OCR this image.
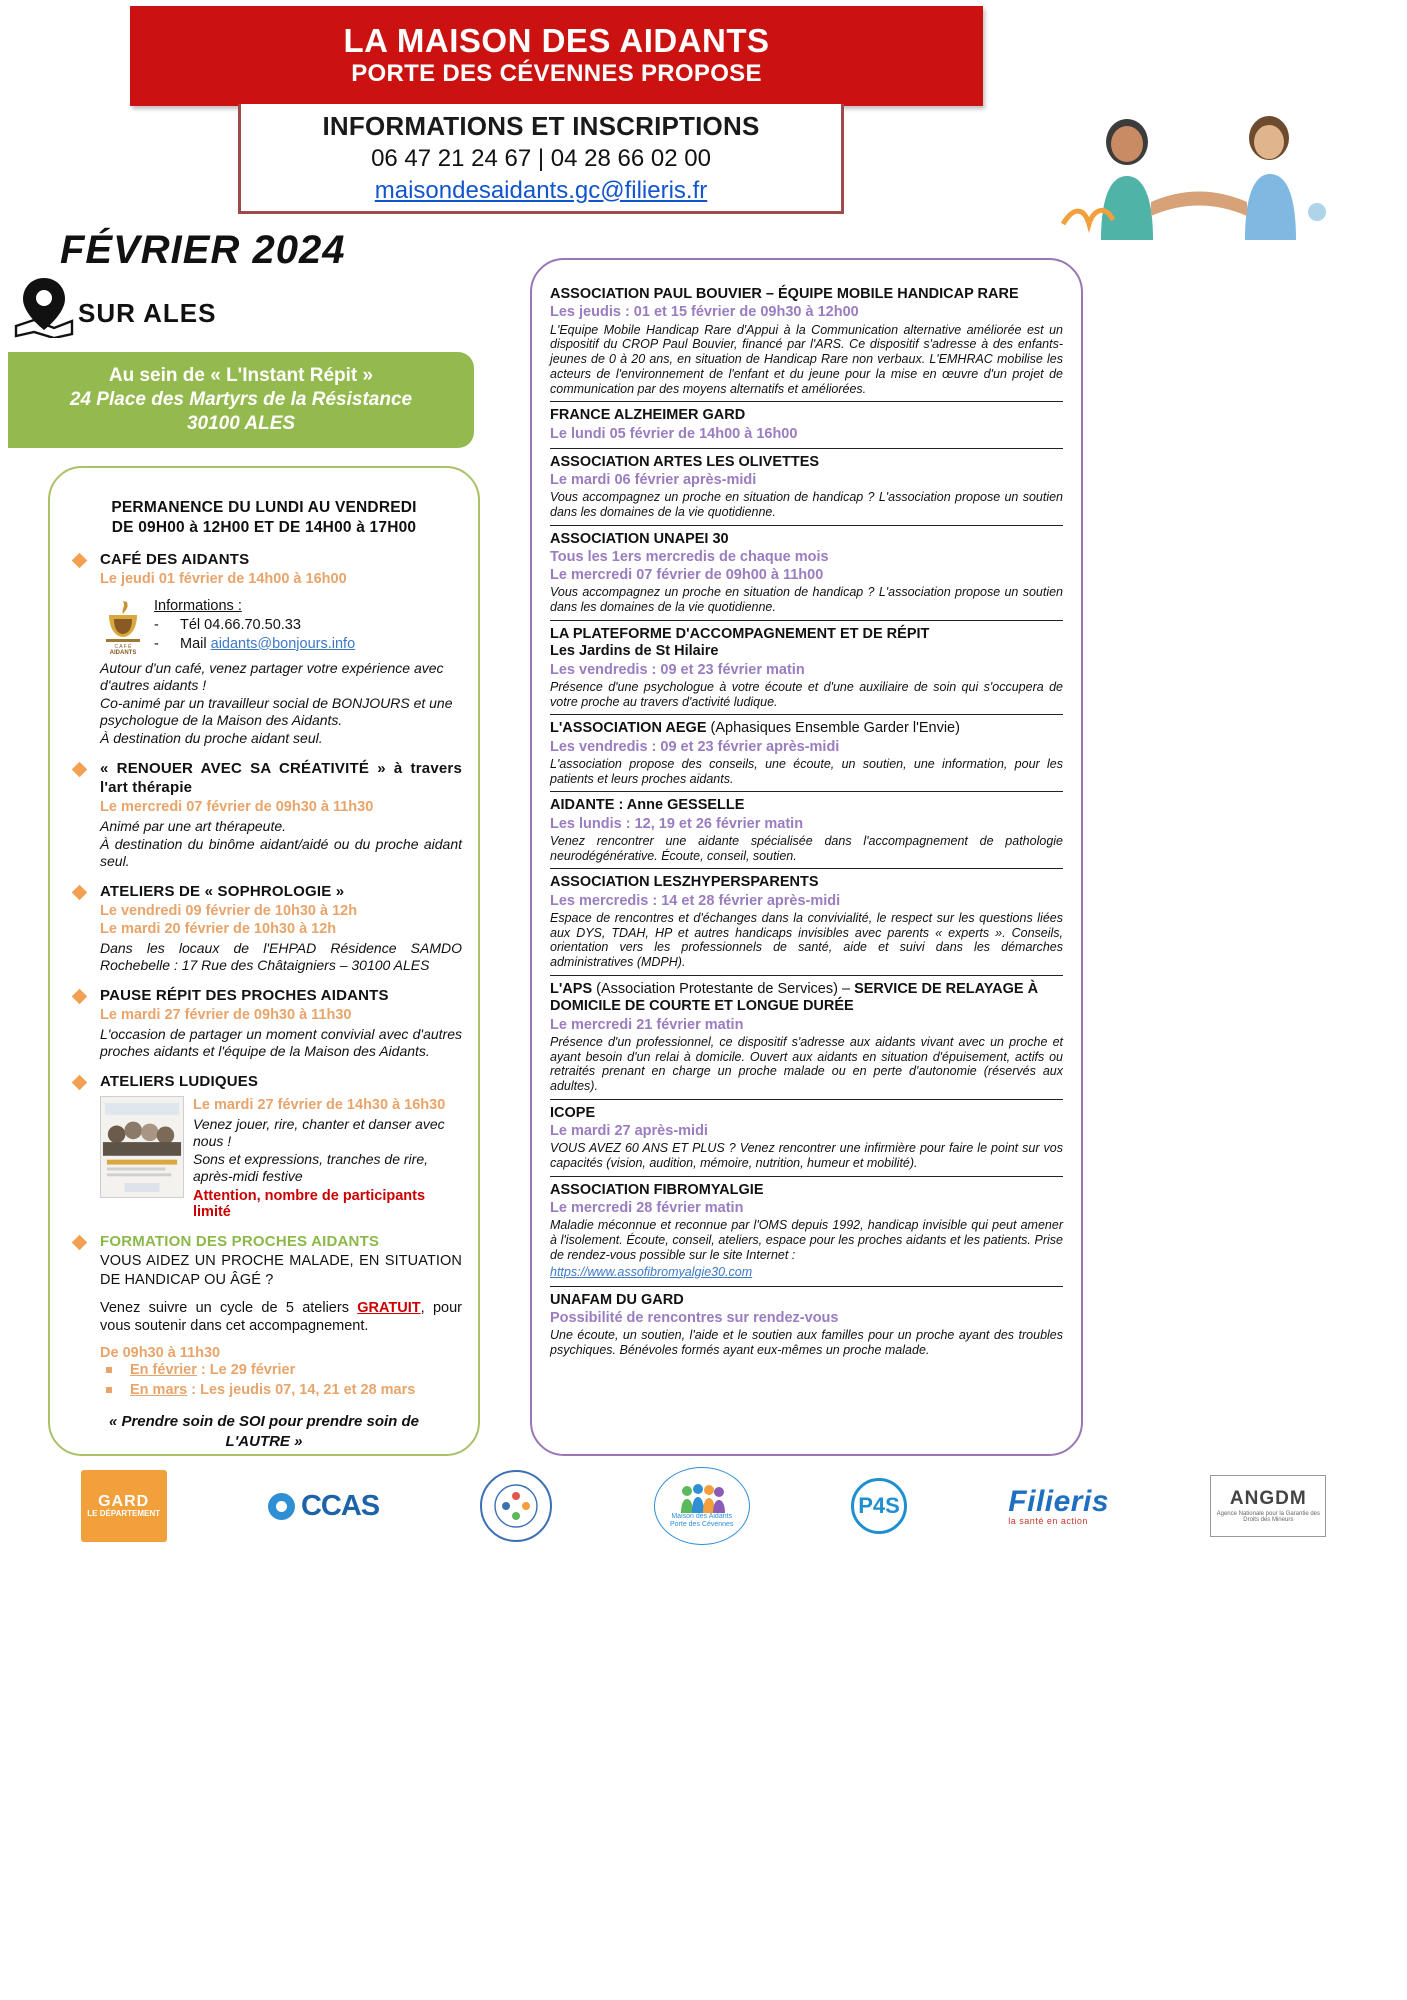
LA MAISON DES AIDANTS
PORTE DES CÉVENNES PROPOSE
INFORMATIONS ET INSCRIPTIONS
06 47 21 24 67 | 04 28 66 02 00
maisondesaidants.gc@filieris.fr
FÉVRIER 2024
SUR ALES
Au sein de « L'Instant Répit »
24 Place des Martyrs de la Résistance
30100 ALES
PERMANENCE DU LUNDI AU VENDREDI
DE 09H00 à 12H00 ET DE 14H00 à 17H00
CAFÉ DES AIDANTS
Le jeudi 01 février de 14h00 à 16h00
C A F É
AIDANTS
Informations :
- Tél 04.66.70.50.33
- Mail aidants@bonjours.info
Autour d'un café, venez partager votre expérience avec d'autres aidants !
Co-animé par un travailleur social de BONJOURS et une psychologue de la Maison des Aidants.
À destination du proche aidant seul.
« RENOUER AVEC SA CRÉATIVITÉ » à travers l'art thérapie
Le mercredi 07 février de 09h30 à 11h30
Animé par une art thérapeute.
À destination du binôme aidant/aidé ou du proche aidant seul.
ATELIERS DE « SOPHROLOGIE »
Le vendredi 09 février de 10h30 à 12h
Le mardi 20 février de 10h30 à 12h
Dans les locaux de l'EHPAD Résidence SAMDO Rochebelle : 17 Rue des Châtaigniers – 30100 ALES
PAUSE RÉPIT DES PROCHES AIDANTS
Le mardi 27 février de 09h30 à 11h30
L'occasion de partager un moment convivial avec d'autres proches aidants et l'équipe de la Maison des Aidants.
ATELIERS LUDIQUES
Le mardi 27 février de 14h30 à 16h30
Venez jouer, rire, chanter et danser avec nous !
Sons et expressions, tranches de rire, après-midi festive
Attention, nombre de participants limité
FORMATION DES PROCHES AIDANTS
VOUS AIDEZ UN PROCHE MALADE, EN SITUATION DE HANDICAP OU ÂGÉ ?
Venez suivre un cycle de 5 ateliers GRATUIT, pour vous soutenir dans cet accompagnement.
De 09h30 à 11h30
En février : Le 29 février
En mars : Les jeudis 07, 14, 21 et 28 mars
« Prendre soin de SOI pour prendre soin de
L'AUTRE »
ASSOCIATION PAUL BOUVIER – ÉQUIPE MOBILE HANDICAP RARE
Les jeudis : 01 et 15 février de 09h30 à 12h00
L'Equipe Mobile Handicap Rare d'Appui à la Communication alternative améliorée est un dispositif du CROP Paul Bouvier, financé par l'ARS. Ce dispositif s'adresse à des enfants-jeunes de 0 à 20 ans, en situation de Handicap Rare non verbaux. L'EMHRAC mobilise les acteurs de l'environnement de l'enfant et du jeune pour la mise en œuvre d'un projet de communication par des moyens alternatifs et améliorées.
FRANCE ALZHEIMER GARD
Le lundi 05 février de 14h00 à 16h00
ASSOCIATION ARTES LES OLIVETTES
Le mardi 06 février après-midi
Vous accompagnez un proche en situation de handicap ? L'association propose un soutien dans les domaines de la vie quotidienne.
ASSOCIATION UNAPEI 30
Tous les 1ers mercredis de chaque mois
Le mercredi 07 février de 09h00 à 11h00
Vous accompagnez un proche en situation de handicap ? L'association propose un soutien dans les domaines de la vie quotidienne.
LA PLATEFORME D'ACCOMPAGNEMENT ET DE RÉPIT
Les Jardins de St Hilaire
Les vendredis : 09 et 23 février matin
Présence d'une psychologue à votre écoute et d'une auxiliaire de soin qui s'occupera de votre proche au travers d'activité ludique.
L'ASSOCIATION AEGE (Aphasiques Ensemble Garder l'Envie)
Les vendredis : 09 et 23 février après-midi
L'association propose des conseils, une écoute, un soutien, une information, pour les patients et leurs proches aidants.
AIDANTE : Anne GESSELLE
Les lundis : 12, 19 et 26 février matin
Venez rencontrer une aidante spécialisée dans l'accompagnement de pathologie neurodégénérative. Écoute, conseil, soutien.
ASSOCIATION LESZHYPERSPARENTS
Les mercredis : 14 et 28 février après-midi
Espace de rencontres et d'échanges dans la convivialité, le respect sur les questions liées aux DYS, TDAH, HP et autres handicaps invisibles avec parents « experts ». Conseils, orientation vers les professionnels de santé, aide et suivi dans les démarches administratives (MDPH).
L'APS (Association Protestante de Services) – SERVICE DE RELAYAGE À DOMICILE DE COURTE ET LONGUE DURÉE
Le mercredi 21 février matin
Présence d'un professionnel, ce dispositif s'adresse aux aidants vivant avec un proche et ayant besoin d'un relai à domicile. Ouvert aux aidants en situation d'épuisement, actifs ou retraités prenant en charge un proche malade ou en perte d'autonomie (réservés aux adultes).
ICOPE
Le mardi 27 après-midi
VOUS AVEZ 60 ANS ET PLUS ? Venez rencontrer une infirmière pour faire le point sur vos capacités (vision, audition, mémoire, nutrition, humeur et mobilité).
ASSOCIATION FIBROMYALGIE
Le mercredi 28 février matin
Maladie méconnue et reconnue par l'OMS depuis 1992, handicap invisible qui peut amener à l'isolement. Écoute, conseil, ateliers, espace pour les proches aidants et les patients. Prise de rendez-vous possible sur le site Internet :
https://www.assofibromyalgie30.com
UNAFAM DU GARD
Possibilité de rencontres sur rendez-vous
Une écoute, un soutien, l'aide et le soutien aux familles pour un proche ayant des troubles psychiques. Bénévoles formés ayant eux-mêmes un proche malade.
GARD
LE DÉPARTEMENT	CCAS	Maison des Aidants
Porte des Cévennes
P4S	Filieris
la santé en action
ANGDM
Agence Nationale pour la Garantie des Droits des Mineurs
